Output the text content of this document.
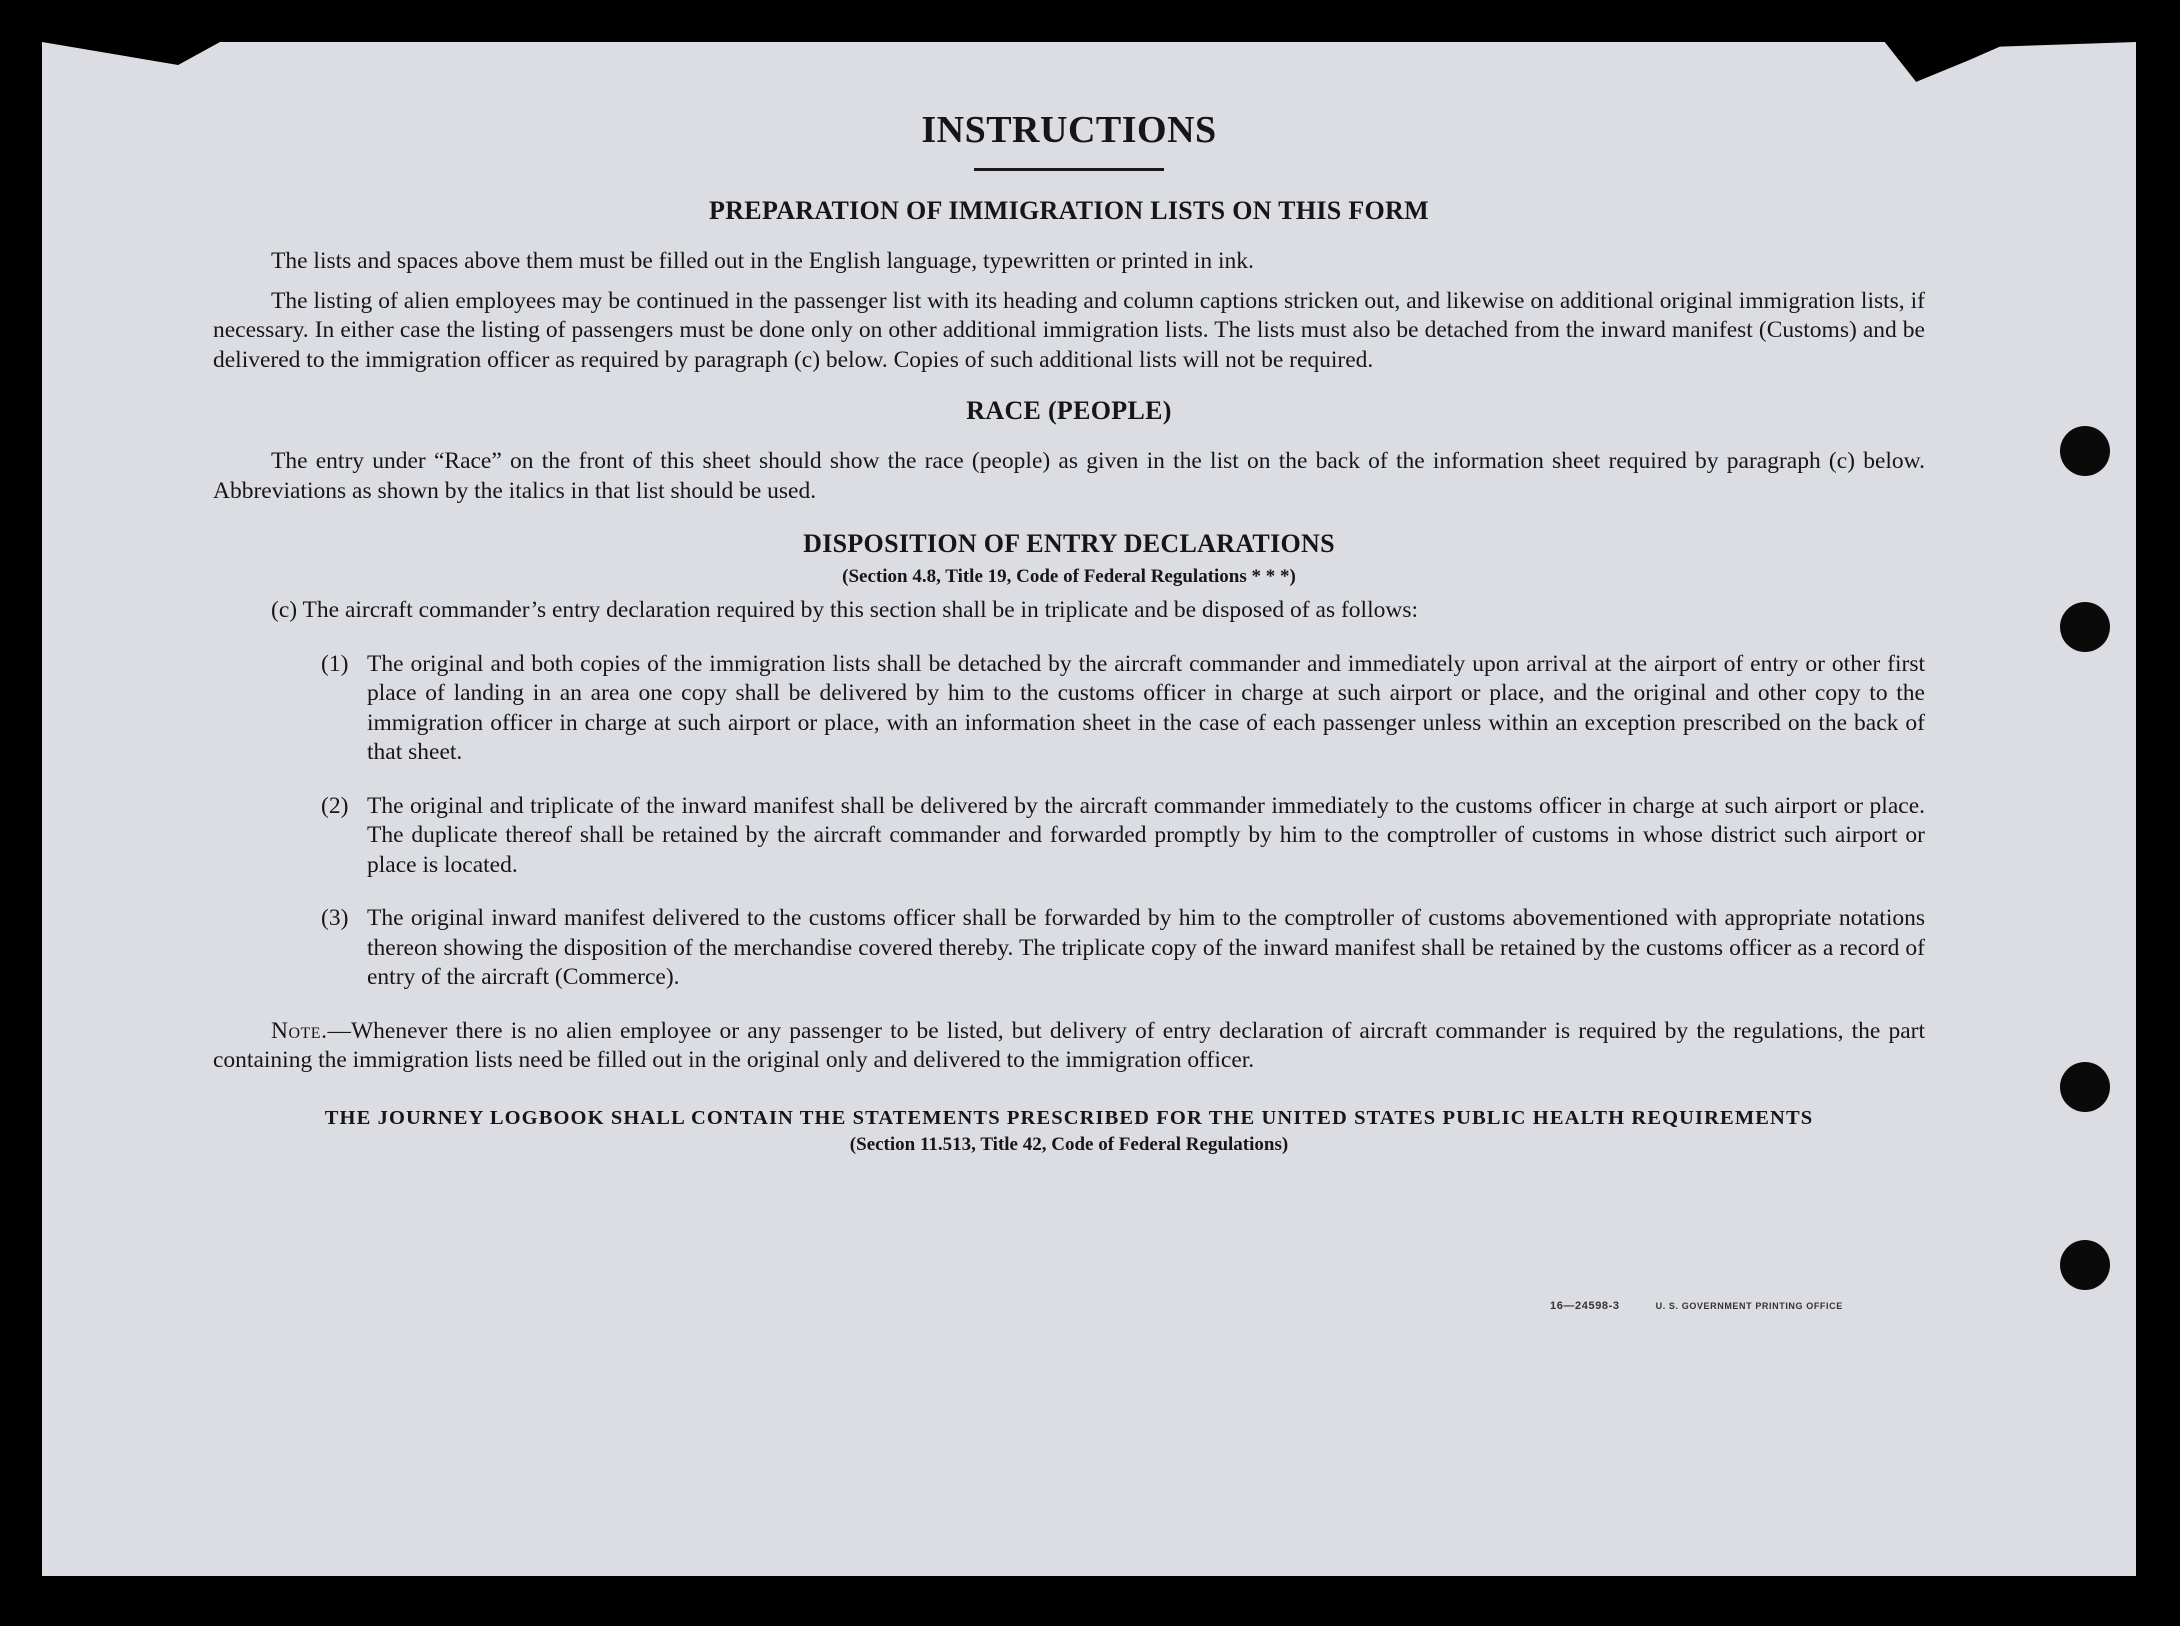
INSTRUCTIONS
PREPARATION OF IMMIGRATION LISTS ON THIS FORM

The lists and spaces above them must be filled out in the English language, typewritten or printed in ink.

The listing of alien employees may be continued in the passenger list with its heading and column captions stricken out, and likewise on additional original immigration lists, if necessary. In either case the listing of passengers must be done only on other additional immigration lists. The lists must also be detached from the inward manifest (Customs) and be delivered to the immigration officer as required by paragraph (c) below. Copies of such additional lists will not be required.

RACE (PEOPLE)

The entry under “Race” on the front of this sheet should show the race (people) as given in the list on the back of the information sheet required by paragraph (c) below. Abbreviations as shown by the italics in that list should be used.

DISPOSITION OF ENTRY DECLARATIONS
(Section 4.8, Title 19, Code of Federal Regulations * * *)

(c) The aircraft commander’s entry declaration required by this section shall be in triplicate and be disposed of as follows:

(1) The original and both copies of the immigration lists shall be detached by the aircraft commander and immediately upon arrival at the airport of entry or other first place of landing in an area one copy shall be delivered by him to the customs officer in charge at such airport or place, and the original and other copy to the immigration officer in charge at such airport or place, with an information sheet in the case of each passenger unless within an exception prescribed on the back of that sheet.
(2) The original and triplicate of the inward manifest shall be delivered by the aircraft commander immediately to the customs officer in charge at such airport or place. The duplicate thereof shall be retained by the aircraft commander and forwarded promptly by him to the comptroller of customs in whose district such airport or place is located.
(3) The original inward manifest delivered to the customs officer shall be forwarded by him to the comptroller of customs abovementioned with appropriate notations thereon showing the disposition of the merchandise covered thereby. The triplicate copy of the inward manifest shall be retained by the customs officer as a record of entry of the aircraft (Commerce).

Note.—Whenever there is no alien employee or any passenger to be listed, but delivery of entry declaration of aircraft commander is required by the regulations, the part containing the immigration lists need be filled out in the original only and delivered to the immigration officer.

THE JOURNEY LOGBOOK SHALL CONTAIN THE STATEMENTS PRESCRIBED FOR THE UNITED STATES PUBLIC HEALTH REQUIREMENTS

(Section 11.513, Title 42, Code of Federal Regulations)
16—24598-3	U. S. GOVERNMENT PRINTING OFFICE
